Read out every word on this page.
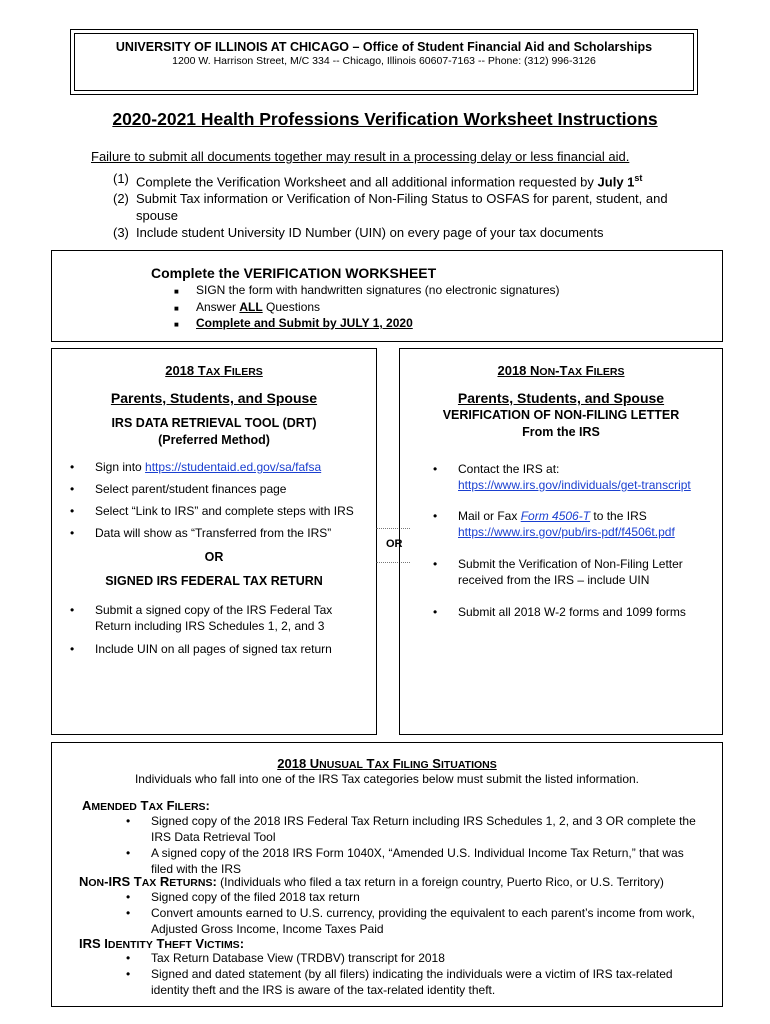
UNIVERSITY OF ILLINOIS AT CHICAGO – Office of Student Financial Aid and Scholarships
1200 W. Harrison Street, M/C 334 -- Chicago, Illinois 60607-7163 -- Phone: (312) 996-3126
2020-2021 Health Professions Verification Worksheet Instructions
Failure to submit all documents together may result in a processing delay or less financial aid.
(1) Complete the Verification Worksheet and all additional information requested by July 1st
(2) Submit Tax information or Verification of Non-Filing Status to OSFAS for parent, student, and spouse
(3) Include student University ID Number (UIN) on every page of your tax documents
Complete the VERIFICATION WORKSHEET
■	SIGN the form with handwritten signatures (no electronic signatures)
■	Answer ALL Questions
■	Complete and Submit by JULY 1, 2020
2018 TAX FILERS
Parents, Students, and Spouse
IRS DATA RETRIEVAL TOOL (DRT)
(Preferred Method)
•	Sign into https://studentaid.ed.gov/sa/fafsa
•	Select parent/student finances page
•	Select “Link to IRS” and complete steps with IRS
•	Data will show as “Transferred from the IRS”
OR
SIGNED IRS FEDERAL TAX RETURN
•	Submit a signed copy of the IRS Federal Tax Return including IRS Schedules 1, 2, and 3
•	Include UIN on all pages of signed tax return
OR
2018 NON-TAX FILERS
Parents, Students, and Spouse
VERIFICATION OF NON-FILING LETTER
From the IRS
•	Contact the IRS at:
https://www.irs.gov/individuals/get-transcript
•	Mail or Fax Form 4506-T to the IRS
https://www.irs.gov/pub/irs-pdf/f4506t.pdf
•	Submit the Verification of Non-Filing Letter received from the IRS – include UIN
•	Submit all 2018 W-2 forms and 1099 forms
2018 UNUSUAL TAX FILING SITUATIONS
Individuals who fall into one of the IRS Tax categories below must submit the listed information.
AMENDED TAX FILERS:
•	Signed copy of the 2018 IRS Federal Tax Return including IRS Schedules 1, 2, and 3 OR complete the IRS Data Retrieval Tool
•	A signed copy of the 2018 IRS Form 1040X, “Amended U.S. Individual Income Tax Return,” that was filed with the IRS
NON-IRS TAX RETURNS: (Individuals who filed a tax return in a foreign country, Puerto Rico, or U.S. Territory)
•	Signed copy of the filed 2018 tax return
•	Convert amounts earned to U.S. currency, providing the equivalent to each parent’s income from work, Adjusted Gross Income, Income Taxes Paid
IRS IDENTITY THEFT VICTIMS:
•	Tax Return Database View (TRDBV) transcript for 2018
•	Signed and dated statement (by all filers) indicating the individuals were a victim of IRS tax-related identity theft and the IRS is aware of the tax-related identity theft.
